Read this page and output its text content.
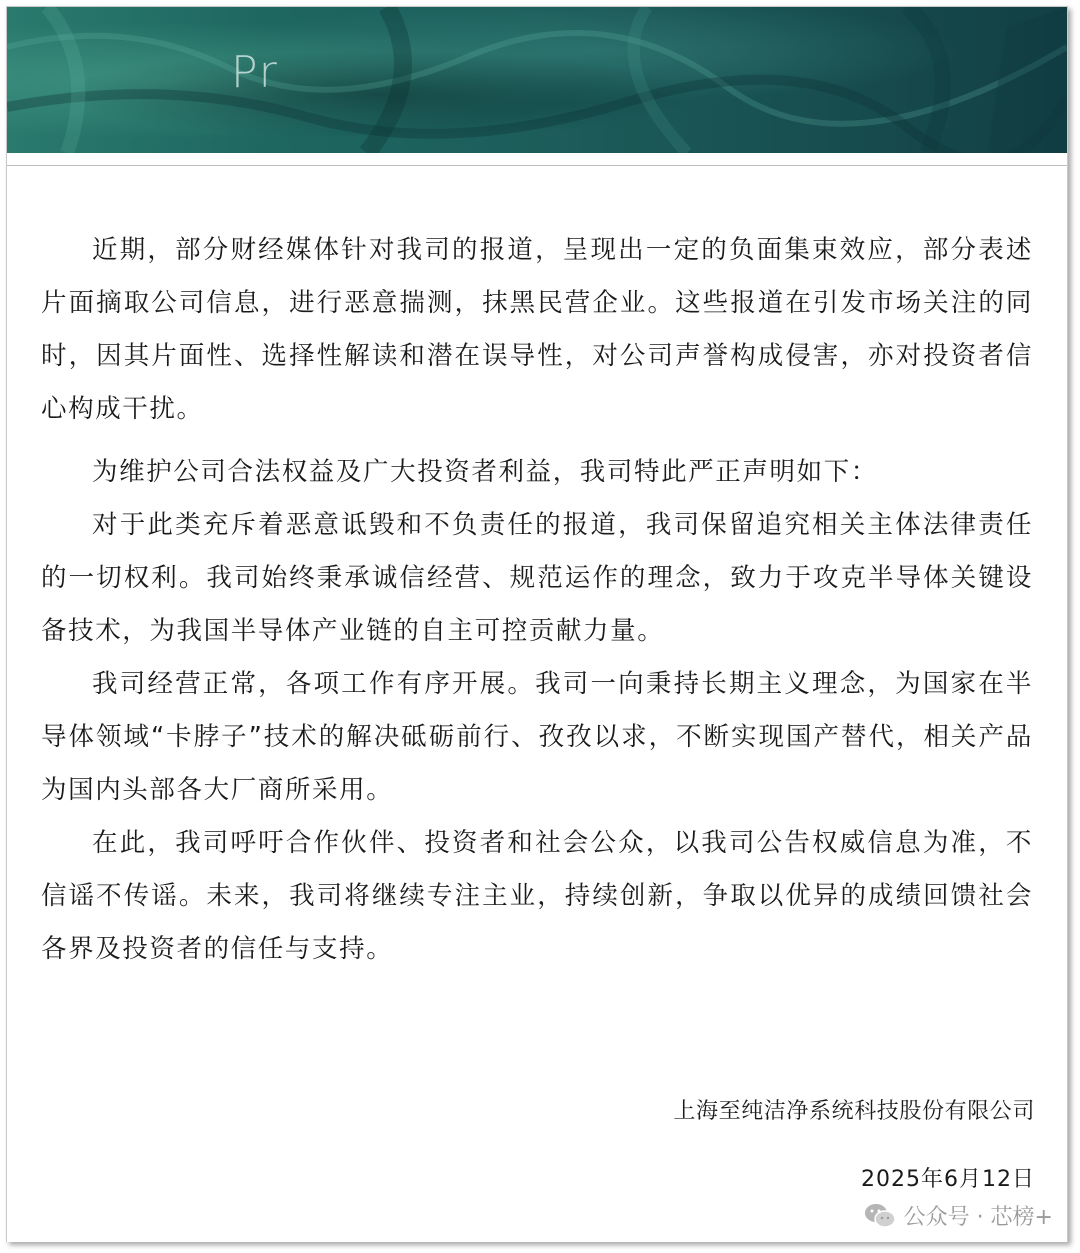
Pr

近期，部分财经媒体针对我司的报道，呈现出一定的负面集束效应，部分表述片面摘取公司信息，进行恶意揣测，抹黑民营企业。这些报道在引发市场关注的同时，因其片面性、选择性解读和潜在误导性，对公司声誉构成侵害，亦对投资者信心构成干扰。

为维护公司合法权益及广大投资者利益，我司特此严正声明如下：

对于此类充斥着恶意诋毁和不负责任的报道，我司保留追究相关主体法律责任的一切权利。我司始终秉承诚信经营、规范运作的理念，致力于攻克半导体关键设备技术，为我国半导体产业链的自主可控贡献力量。

我司经营正常，各项工作有序开展。我司一向秉持长期主义理念，为国家在半导体领域“卡脖子”技术的解决砥砺前行、孜孜以求，不断实现国产替代，相关产品为国内头部各大厂商所采用。

在此，我司呼吁合作伙伴、投资者和社会公众，以我司公告权威信息为准，不信谣不传谣。未来，我司将继续专注主业，持续创新，争取以优异的成绩回馈社会各界及投资者的信任与支持。

上海至纯洁净系统科技股份有限公司
2025年6月12日
公众号 · 芯榜+
